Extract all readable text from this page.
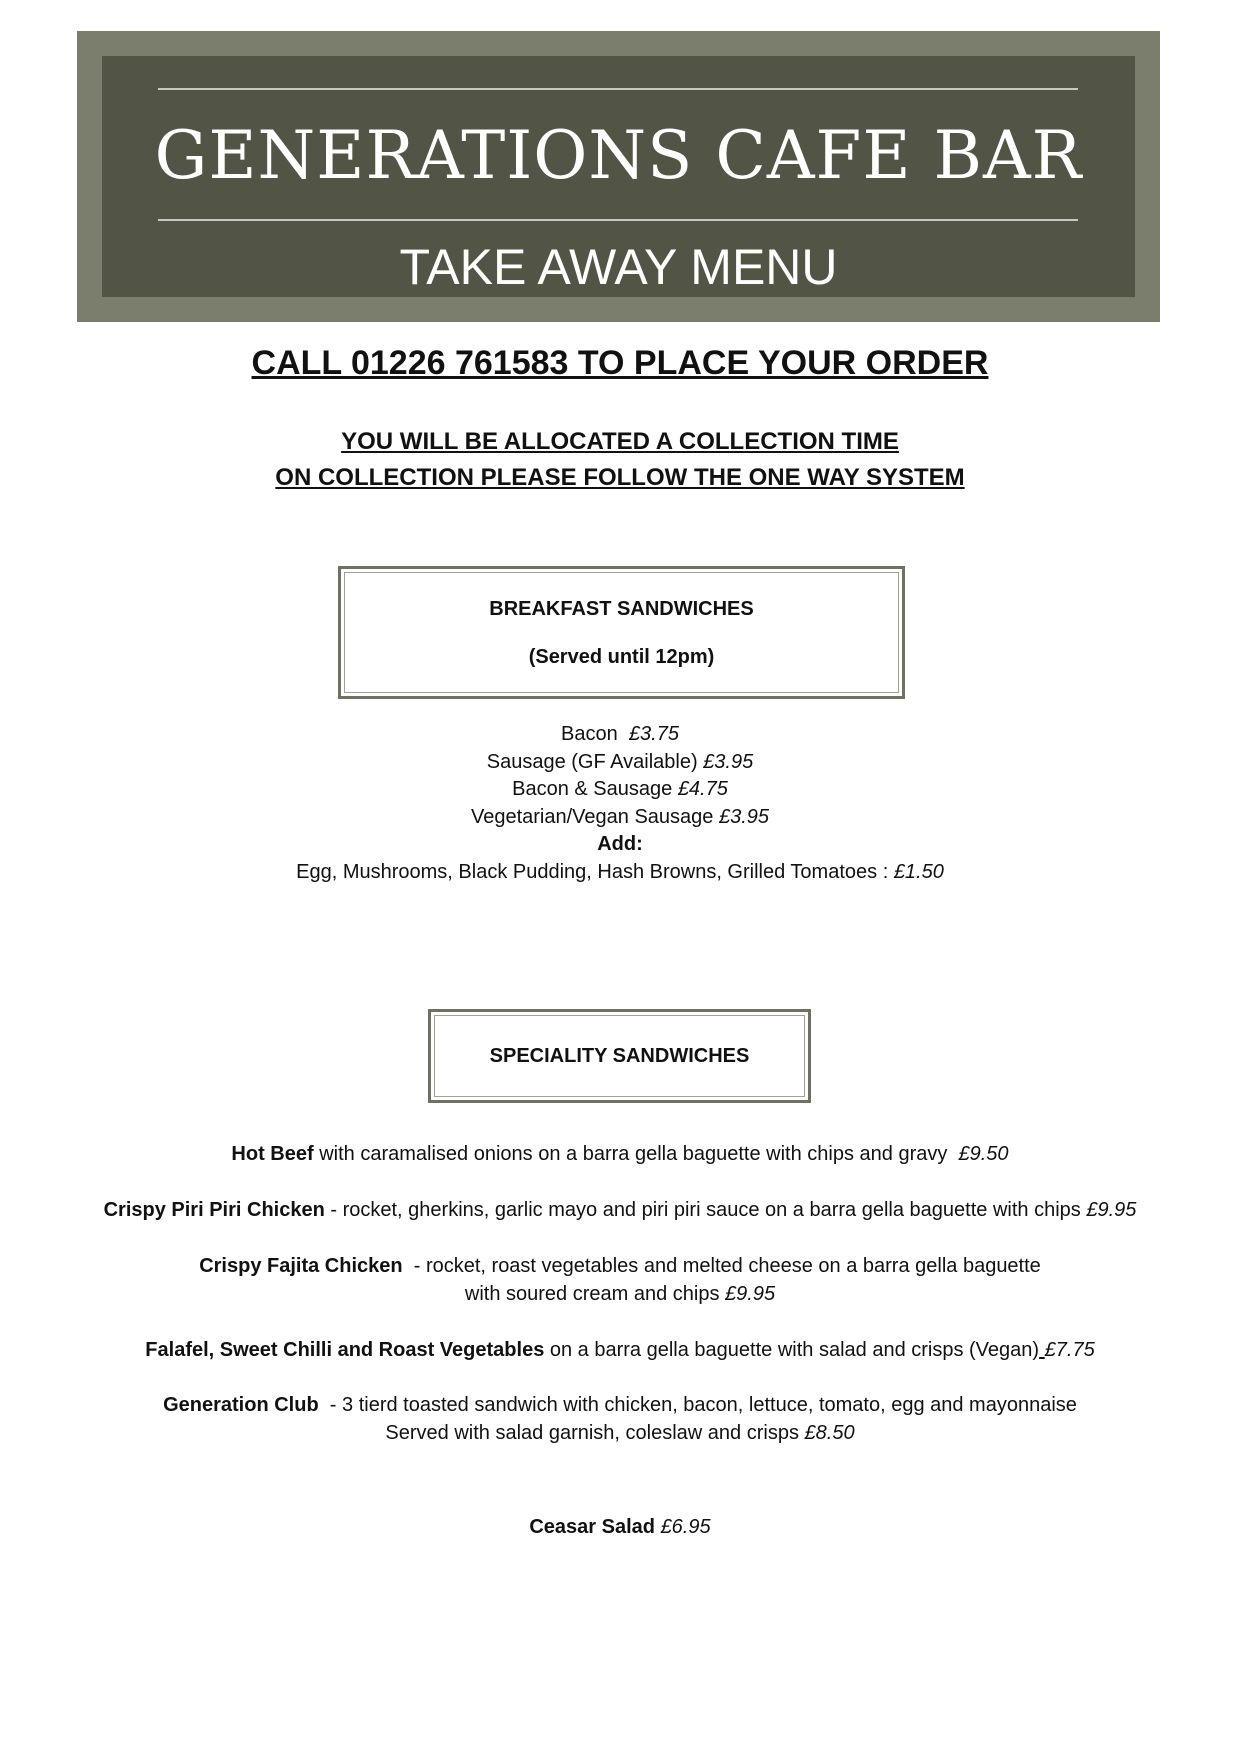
GENERATIONS CAFE BAR
TAKE AWAY MENU
CALL 01226 761583 TO PLACE YOUR ORDER
YOU WILL BE ALLOCATED A COLLECTION TIME
ON COLLECTION PLEASE FOLLOW THE ONE WAY SYSTEM
BREAKFAST SANDWICHES
(Served until 12pm)
Bacon £3.75
Sausage (GF Available) £3.95
Bacon & Sausage £4.75
Vegetarian/Vegan Sausage £3.95
Add:
Egg, Mushrooms, Black Pudding, Hash Browns, Grilled Tomatoes : £1.50
SPECIALITY SANDWICHES
Hot Beef with caramalised onions on a barra gella baguette with chips and gravy £9.50
Crispy Piri Piri Chicken - rocket, gherkins, garlic mayo and piri piri sauce on a barra gella baguette with chips £9.95
Crispy Fajita Chicken - rocket, roast vegetables and melted cheese on a barra gella baguette
with soured cream and chips £9.95
Falafel, Sweet Chilli and Roast Vegetables on a barra gella baguette with salad and crisps (Vegan) £7.75
Generation Club - 3 tierd toasted sandwich with chicken, bacon, lettuce, tomato, egg and mayonnaise
Served with salad garnish, coleslaw and crisps £8.50
Ceasar Salad £6.95
